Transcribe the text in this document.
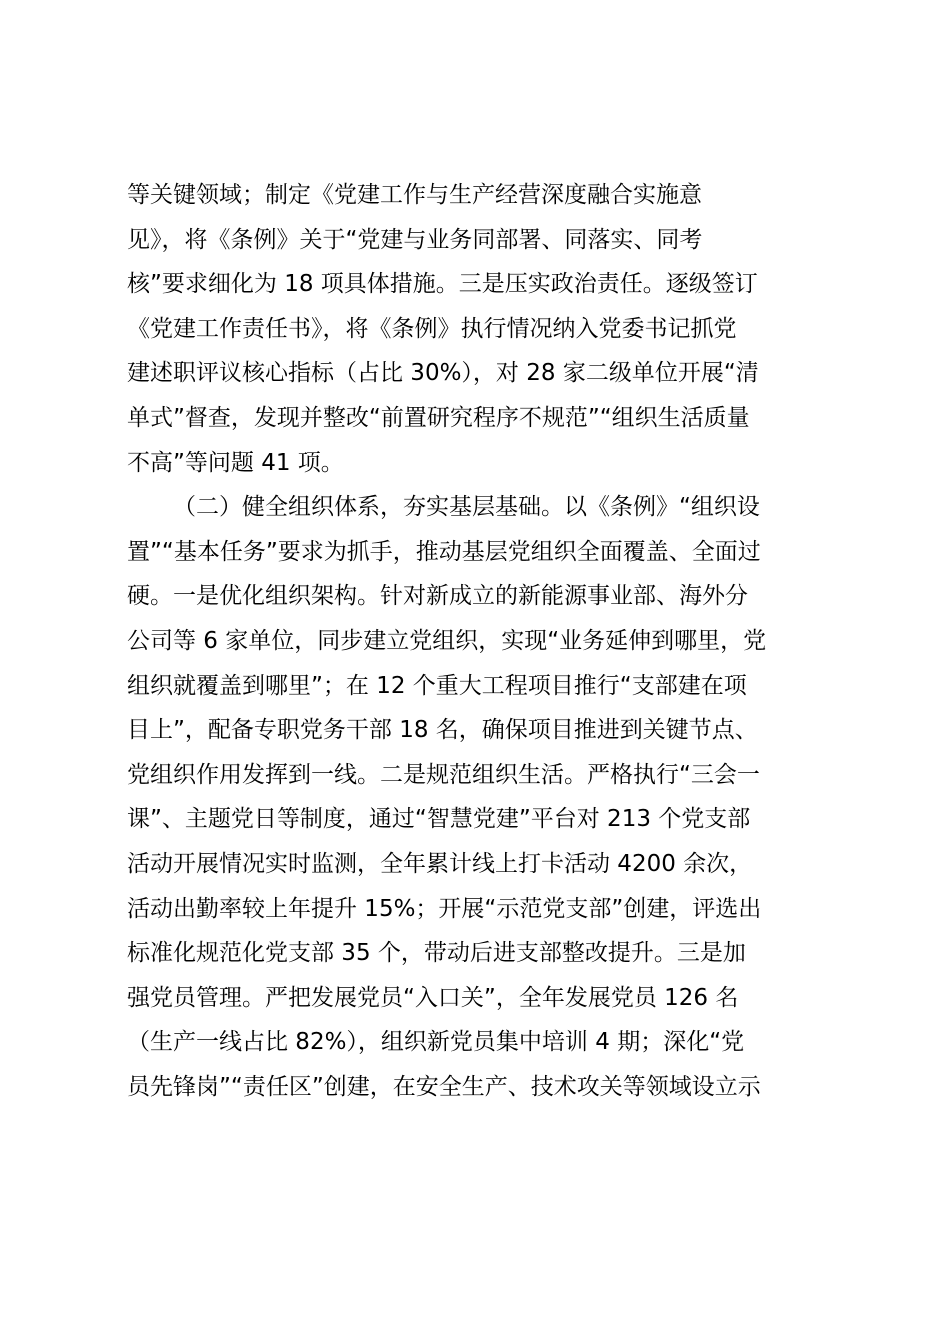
等关键领域；制定《党建工作与生产经营深度融合实施意
见》，将《条例》关于“党建与业务同部署、同落实、同考
核”要求细化为 18 项具体措施。三是压实政治责任。逐级签订
《党建工作责任书》，将《条例》执行情况纳入党委书记抓党
建述职评议核心指标（占比 30%），对 28 家二级单位开展“清
单式”督查，发现并整改“前置研究程序不规范”“组织生活质量
不高”等问题 41 项。
（二）健全组织体系，夯实基层基础。以《条例》“组织设
置”“基本任务”要求为抓手，推动基层党组织全面覆盖、全面过
硬。一是优化组织架构。针对新成立的新能源事业部、海外分
公司等 6 家单位，同步建立党组织，实现“业务延伸到哪里，党
组织就覆盖到哪里”；在 12 个重大工程项目推行“支部建在项
目上”，配备专职党务干部 18 名，确保项目推进到关键节点、
党组织作用发挥到一线。二是规范组织生活。严格执行“三会一
课”、主题党日等制度，通过“智慧党建”平台对 213 个党支部
活动开展情况实时监测，全年累计线上打卡活动 4200 余次，
活动出勤率较上年提升 15%；开展“示范党支部”创建，评选出
标准化规范化党支部 35 个，带动后进支部整改提升。三是加
强党员管理。严把发展党员“入口关”，全年发展党员 126 名
（生产一线占比 82%），组织新党员集中培训 4 期；深化“党
员先锋岗”“责任区”创建，在安全生产、技术攻关等领域设立示
